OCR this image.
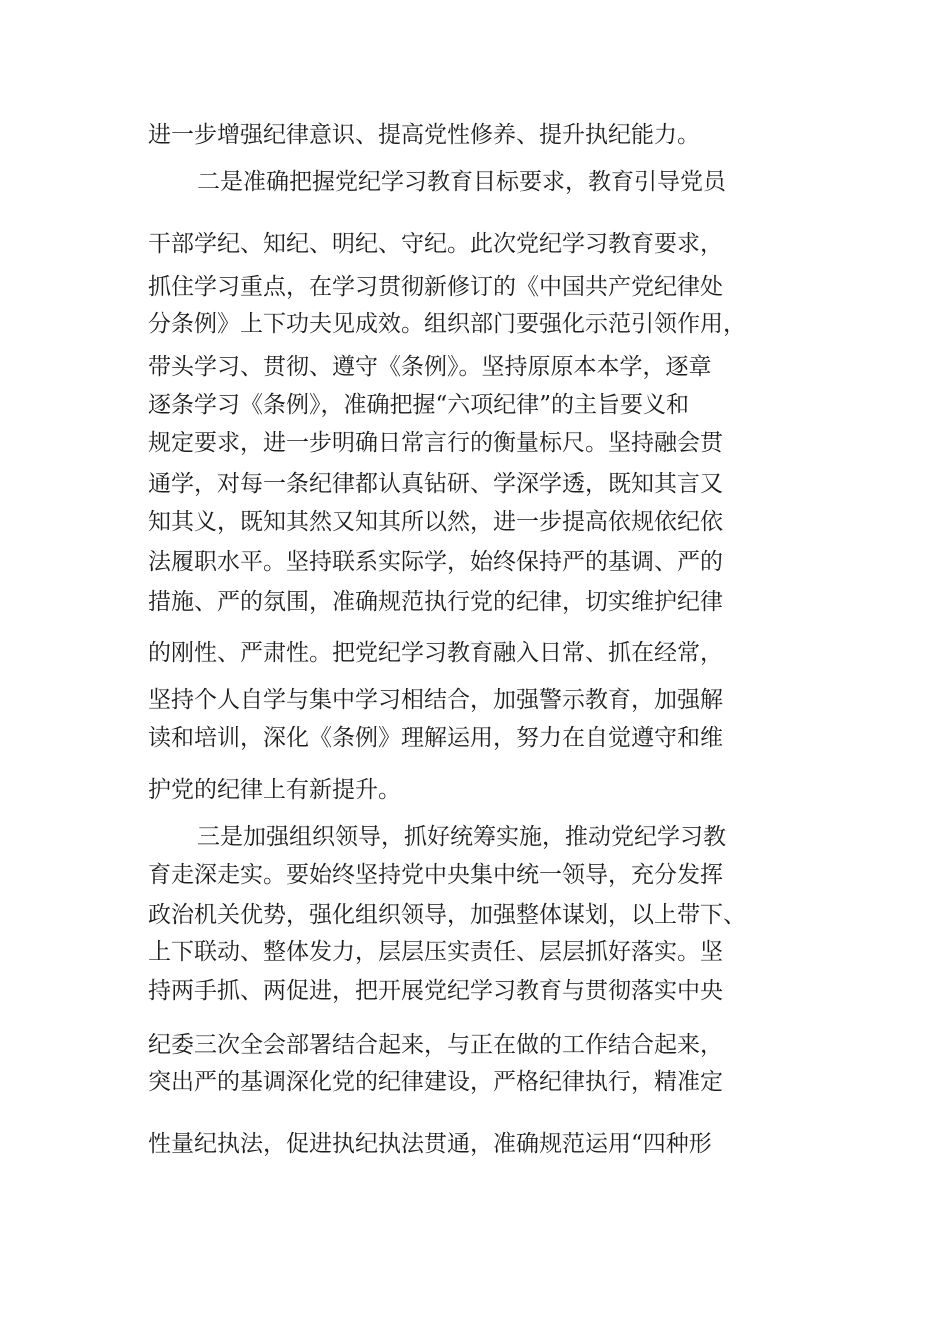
进一步增强纪律意识、提高党性修养、提升执纪能力。

二是准确把握党纪学习教育目标要求，教育引导党员

干部学纪、知纪、明纪、守纪。此次党纪学习教育要求，

抓住学习重点，在学习贯彻新修订的《中国共产党纪律处

分条例》上下功夫见成效。组织部门要强化示范引领作用，

带头学习、贯彻、遵守《条例》。坚持原原本本学，逐章

逐条学习《条例》，准确把握“六项纪律”的主旨要义和

规定要求，进一步明确日常言行的衡量标尺。坚持融会贯

通学，对每一条纪律都认真钻研、学深学透，既知其言又

知其义，既知其然又知其所以然，进一步提高依规依纪依

法履职水平。坚持联系实际学，始终保持严的基调、严的

措施、严的氛围，准确规范执行党的纪律，切实维护纪律

的刚性、严肃性。把党纪学习教育融入日常、抓在经常，

坚持个人自学与集中学习相结合，加强警示教育，加强解

读和培训，深化《条例》理解运用，努力在自觉遵守和维

护党的纪律上有新提升。

三是加强组织领导，抓好统筹实施，推动党纪学习教

育走深走实。要始终坚持党中央集中统一领导，充分发挥

政治机关优势，强化组织领导，加强整体谋划，以上带下、

上下联动、整体发力，层层压实责任、层层抓好落实。坚

持两手抓、两促进，把开展党纪学习教育与贯彻落实中央

纪委三次全会部署结合起来，与正在做的工作结合起来，

突出严的基调深化党的纪律建设，严格纪律执行，精准定

性量纪执法，促进执纪执法贯通，准确规范运用“四种形
